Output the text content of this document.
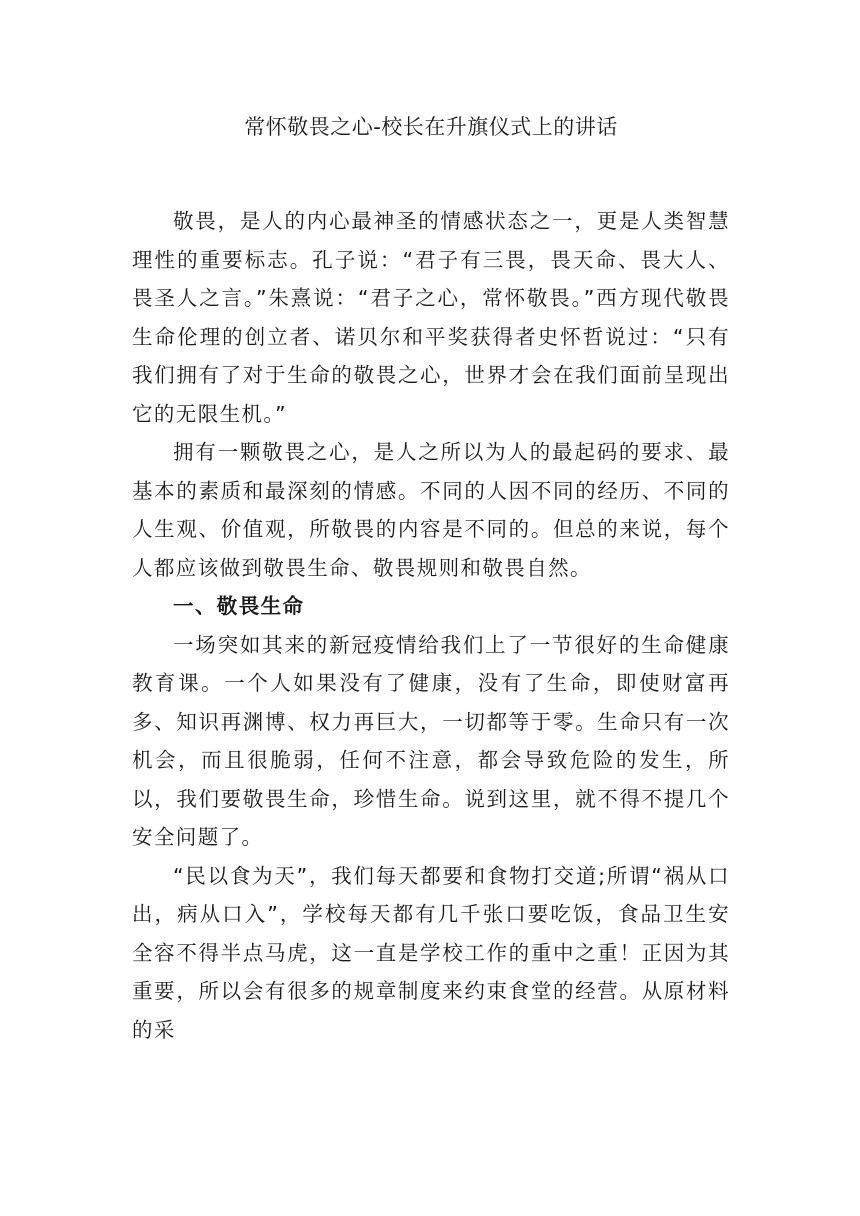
常怀敬畏之心-校长在升旗仪式上的讲话

敬畏，是人的内心最神圣的情感状态之一，更是人类智慧理性的重要标志。孔子说：“君子有三畏，畏天命、畏大人、畏圣人之言。”朱熹说：“君子之心，常怀敬畏。”西方现代敬畏生命伦理的创立者、诺贝尔和平奖获得者史怀哲说过：“只有我们拥有了对于生命的敬畏之心，世界才会在我们面前呈现出它的无限生机。”

拥有一颗敬畏之心，是人之所以为人的最起码的要求、最基本的素质和最深刻的情感。不同的人因不同的经历、不同的人生观、价值观，所敬畏的内容是不同的。但总的来说，每个人都应该做到敬畏生命、敬畏规则和敬畏自然。

一、敬畏生命

一场突如其来的新冠疫情给我们上了一节很好的生命健康教育课。一个人如果没有了健康，没有了生命，即使财富再多、知识再渊博、权力再巨大，一切都等于零。生命只有一次机会，而且很脆弱，任何不注意，都会导致危险的发生，所以，我们要敬畏生命，珍惜生命。说到这里，就不得不提几个安全问题了。

“民以食为天”，我们每天都要和食物打交道;所谓“祸从口出，病从口入”，学校每天都有几千张口要吃饭，食品卫生安全容不得半点马虎，这一直是学校工作的重中之重！正因为其重要，所以会有很多的规章制度来约束食堂的经营。从原材料的采
